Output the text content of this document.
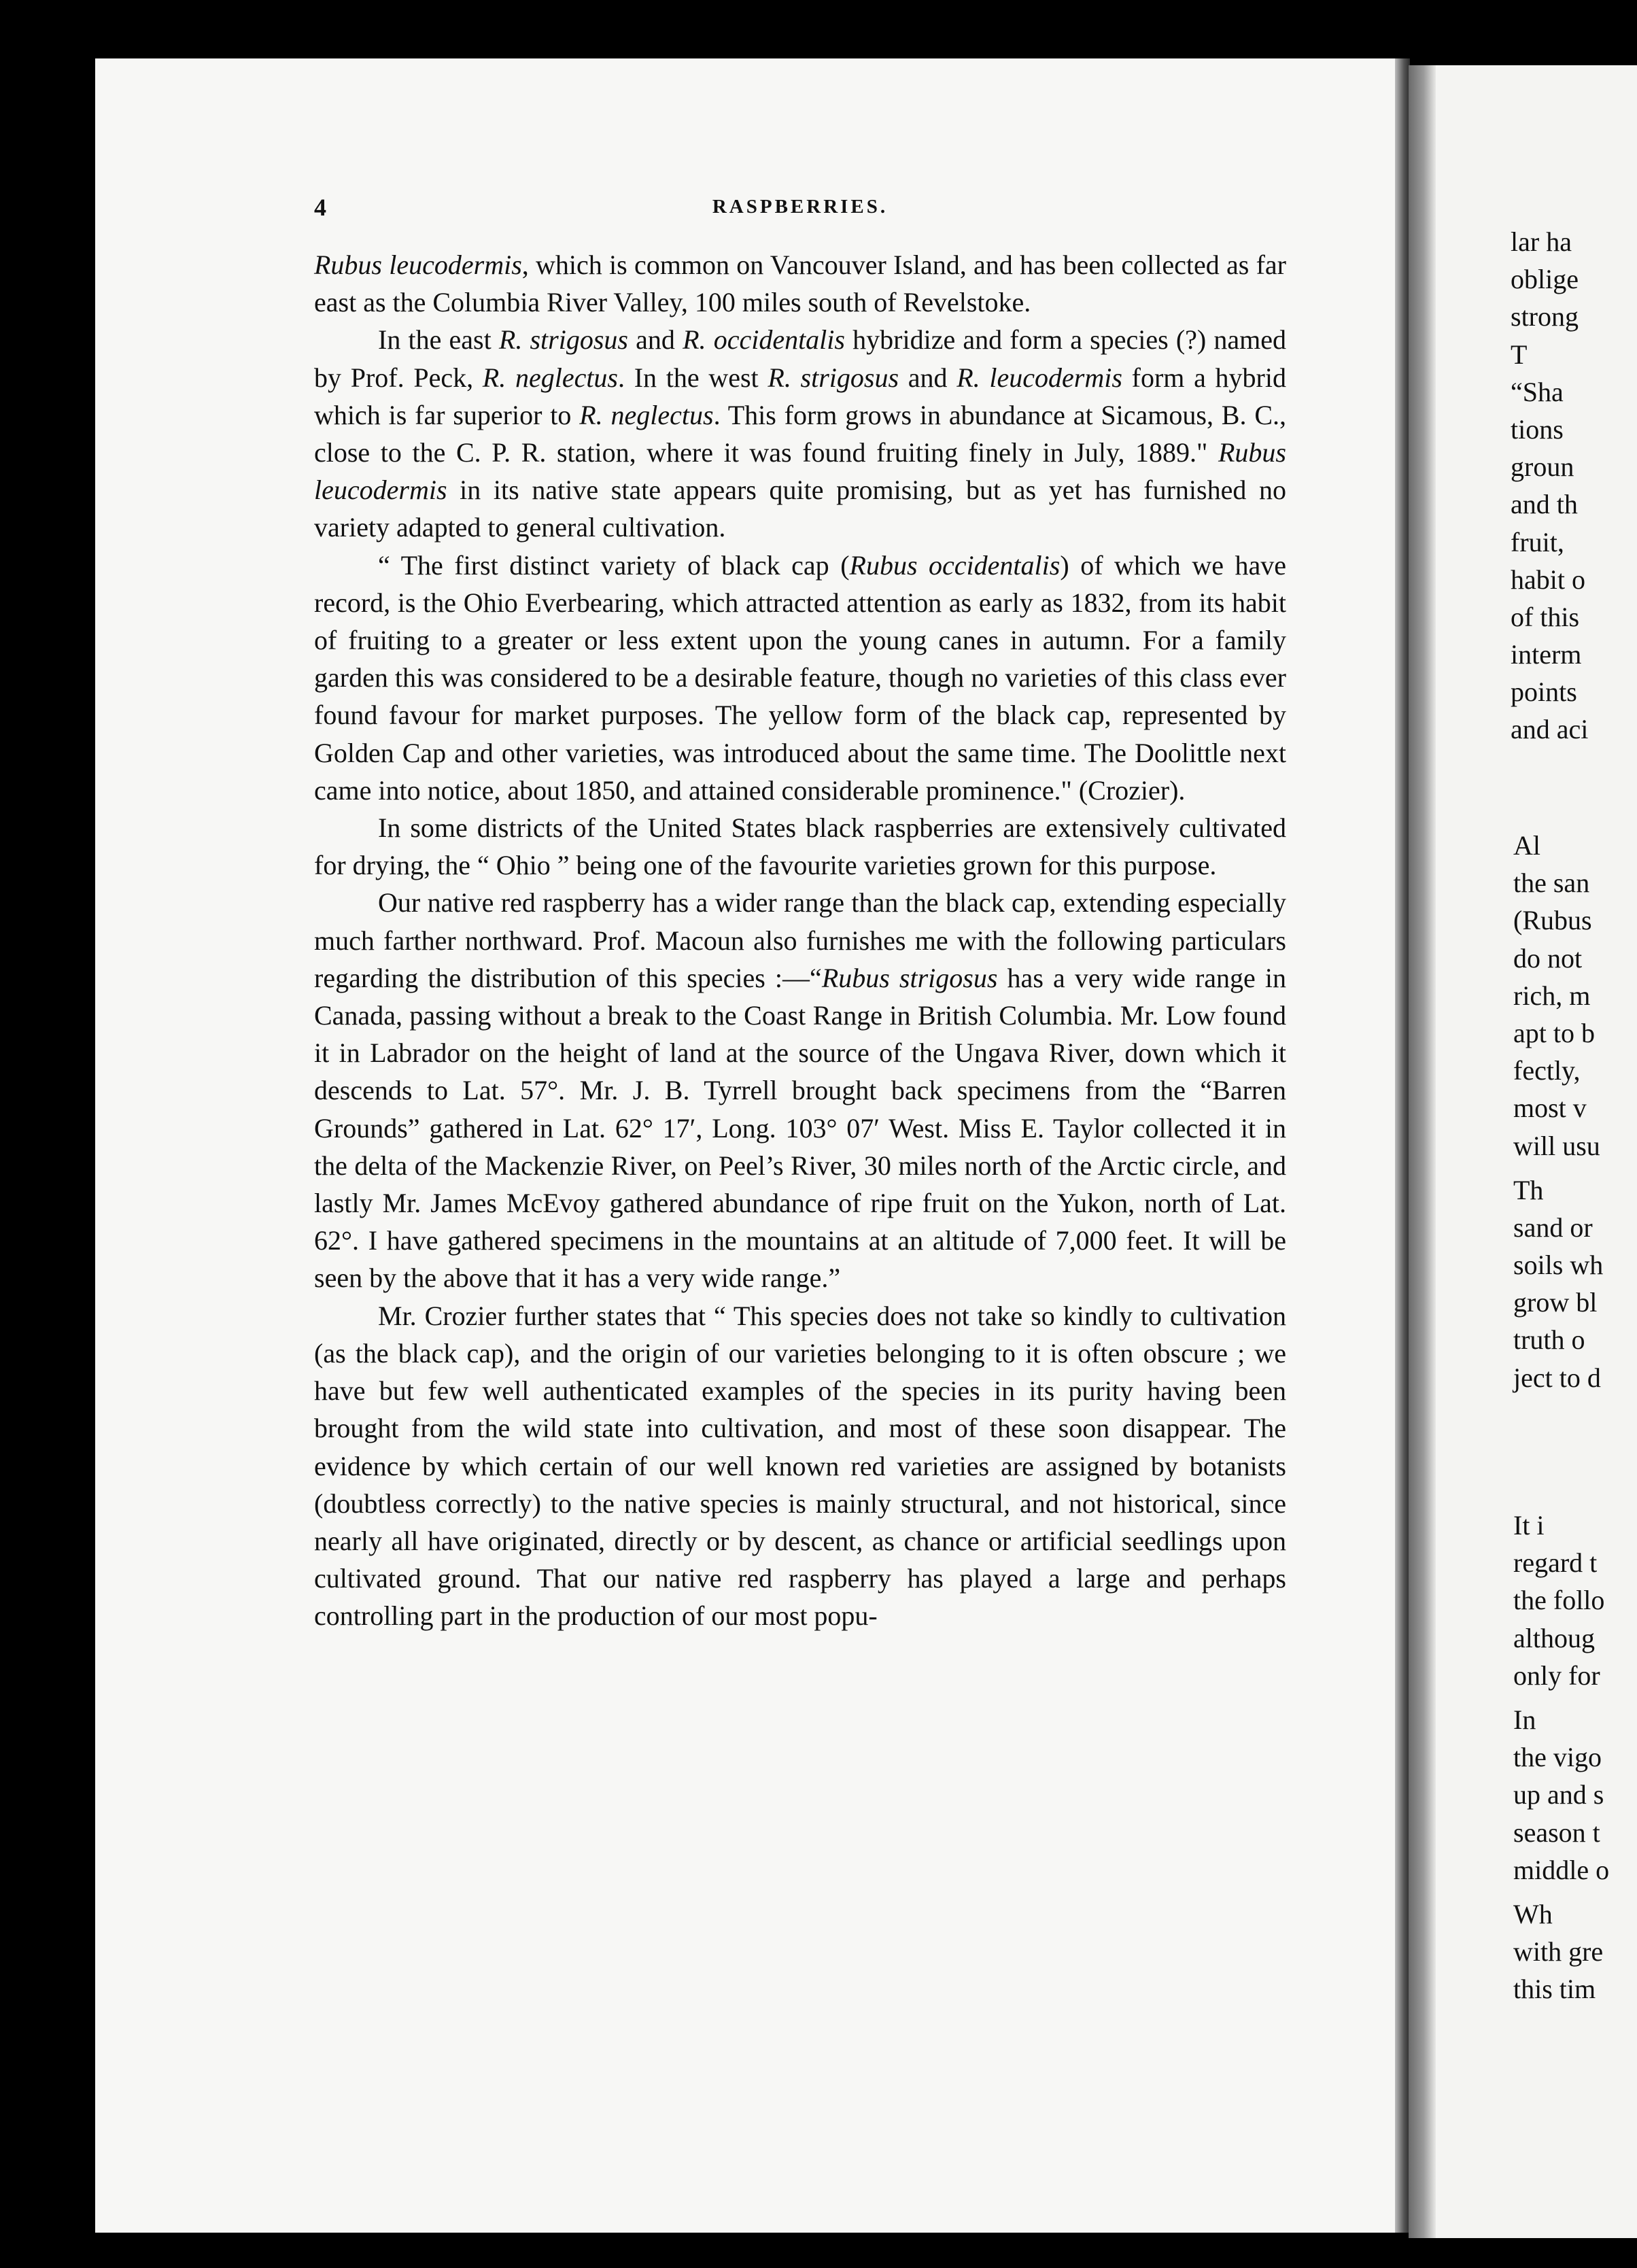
4	RASPBERRIES.

Rubus leucodermis, which is common on Vancouver Island, and has been collected as far east as the Columbia River Valley, 100 miles south of Revelstoke.

In the east R. strigosus and R. occidentalis hybridize and form a species (?) named by Prof. Peck, R. neglectus. In the west R. strigosus and R. leucodermis form a hybrid which is far superior to R. neglectus. This form grows in abundance at Sicamous, B. C., close to the C. P. R. station, where it was found fruiting finely in July, 1889." Rubus leucodermis in its native state appears quite promising, but as yet has furnished no variety adapted to general cultivation.

“ The first distinct variety of black cap (Rubus occidentalis) of which we have record, is the Ohio Everbearing, which attracted attention as early as 1832, from its habit of fruiting to a greater or less extent upon the young canes in autumn. For a family garden this was considered to be a desirable feature, though no varieties of this class ever found favour for market purposes. The yellow form of the black cap, represented by Golden Cap and other varieties, was introduced about the same time. The Doolittle next came into notice, about 1850, and attained considerable prominence." (Crozier).

In some districts of the United States black raspberries are extensively cultivated for drying, the “ Ohio ” being one of the favourite varieties grown for this purpose.

Our native red raspberry has a wider range than the black cap, extending especially much farther northward. Prof. Macoun also furnishes me with the following particulars regarding the distribution of this species :—“Rubus strigosus has a very wide range in Canada, passing without a break to the Coast Range in British Columbia. Mr. Low found it in Labrador on the height of land at the source of the Ungava River, down which it descends to Lat. 57°. Mr. J. B. Tyrrell brought back specimens from the “Barren Grounds” gathered in Lat. 62° 17′, Long. 103° 07′ West. Miss E. Taylor collected it in the delta of the Mackenzie River, on Peel’s River, 30 miles north of the Arctic circle, and lastly Mr. James McEvoy gathered abundance of ripe fruit on the Yukon, north of Lat. 62°. I have gathered specimens in the mountains at an altitude of 7,000 feet. It will be seen by the above that it has a very wide range.”

Mr. Crozier further states that “ This species does not take so kindly to cultivation (as the black cap), and the origin of our varieties belonging to it is often obscure ; we have but few well authenticated examples of the species in its purity having been brought from the wild state into cultivation, and most of these soon disappear. The evidence by which certain of our well known red varieties are assigned by botanists (doubtless correctly) to the native species is mainly structural, and not historical, since nearly all have originated, directly or by descent, as chance or artificial seedlings upon cultivated ground. That our native red raspberry has played a large and perhaps controlling part in the production of our most popu-

lar ha
oblige
strong
T
“Sha
tions
groun
and th
fruit,
habit o
of this
interm
points
and aci
Al
the san
(Rubus
do not
rich, m
apt to b
fectly,
most v
will usu
Th
sand or
soils wh
grow bl
truth o
ject to d
It i
regard t
the follo
althoug
only for
In
the vigo
up and s
season t
middle o
Wh
with gre
this tim
